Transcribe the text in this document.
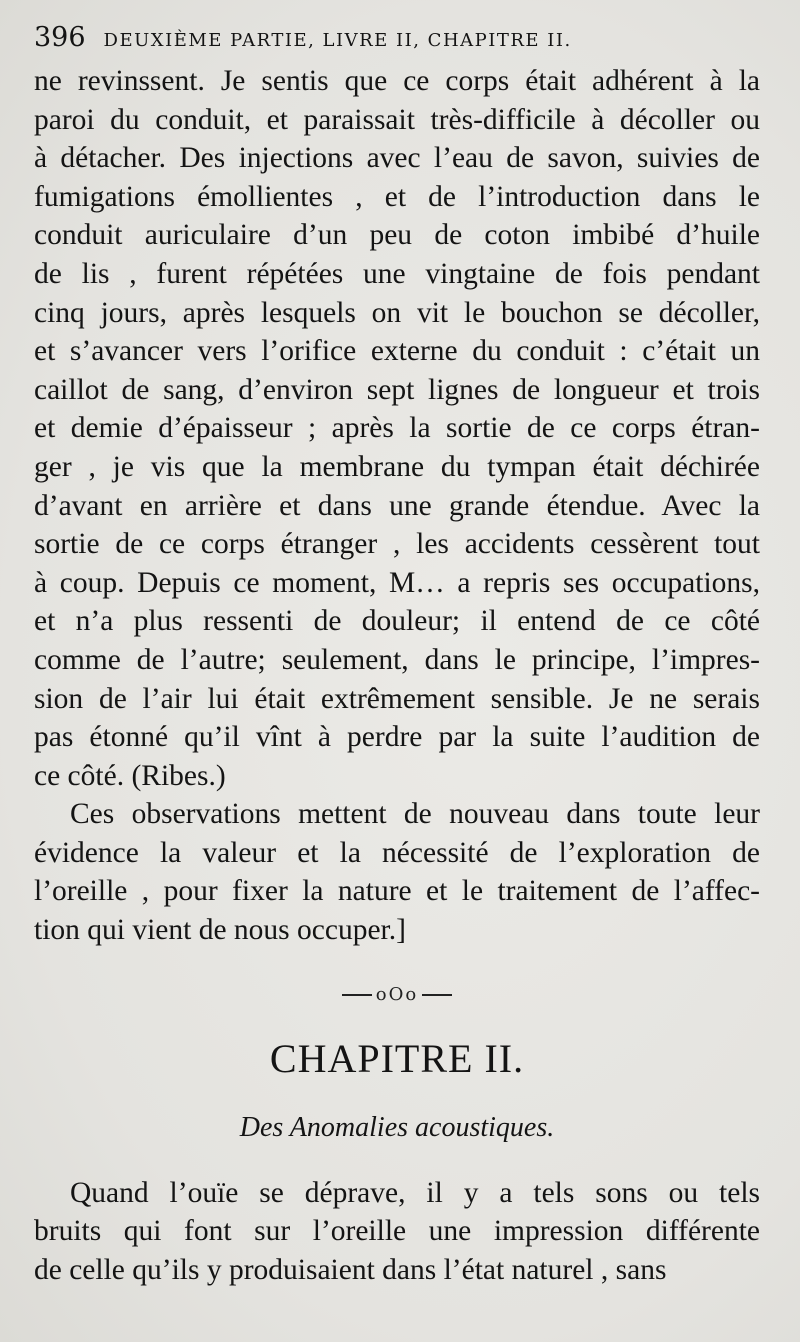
396 DEUXIÈME PARTIE, LIVRE II, CHAPITRE II.
ne revinssent. Je sentis que ce corps était adhérent à la
paroi du conduit, et paraissait très-difficile à décoller ou
à détacher. Des injections avec l’eau de savon, suivies de
fumigations émollientes , et de l’introduction dans le
conduit auriculaire d’un peu de coton imbibé d’huile
de lis , furent répétées une vingtaine de fois pendant
cinq jours, après lesquels on vit le bouchon se décoller,
et s’avancer vers l’orifice externe du conduit : c’était un
caillot de sang, d’environ sept lignes de longueur et trois
et demie d’épaisseur ; après la sortie de ce corps étran-
ger , je vis que la membrane du tympan était déchirée
d’avant en arrière et dans une grande étendue. Avec la
sortie de ce corps étranger , les accidents cessèrent tout
à coup. Depuis ce moment, M… a repris ses occupations,
et n’a plus ressenti de douleur; il entend de ce côté
comme de l’autre; seulement, dans le principe, l’impres-
sion de l’air lui était extrêmement sensible. Je ne serais
pas étonné qu’il vînt à perdre par la suite l’audition de
ce côté. (Ribes.)
Ces observations mettent de nouveau dans toute leur
évidence la valeur et la nécessité de l’exploration de
l’oreille , pour fixer la nature et le traitement de l’affec-
tion qui vient de nous occuper.]
oOo
CHAPITRE II.
Des Anomalies acoustiques.
Quand l’ouïe se déprave, il y a tels sons ou tels
bruits qui font sur l’oreille une impression différente
de celle qu’ils y produisaient dans l’état naturel , sans
